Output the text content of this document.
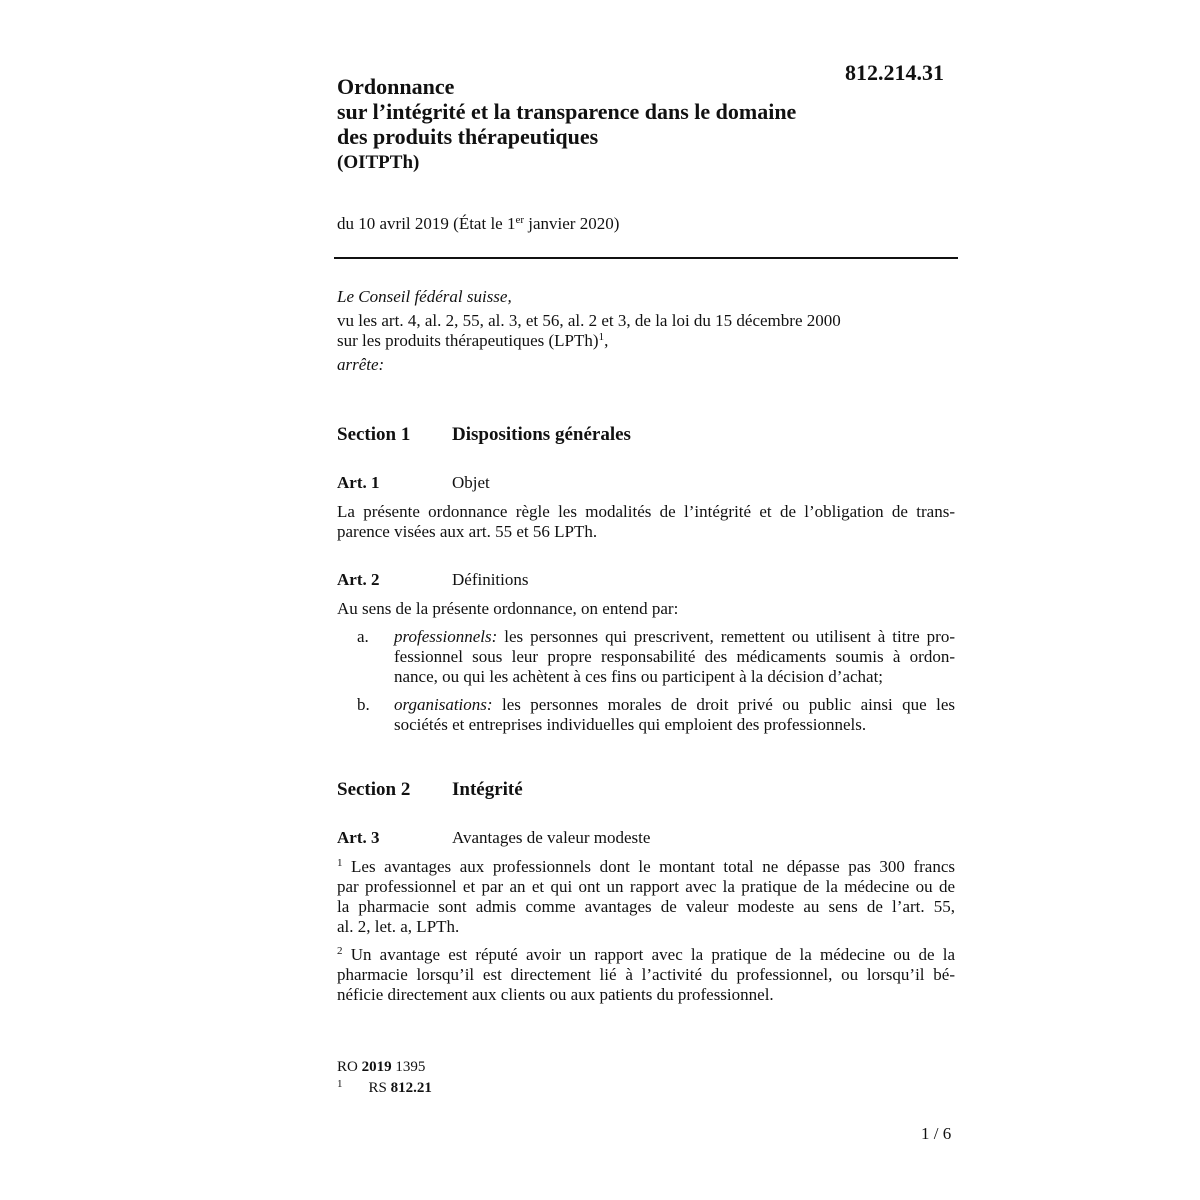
812.214.31
Ordonnance
sur l’intégrité et la transparence dans le domaine
des produits thérapeutiques
(OITPTh)
du 10 avril 2019 (État le 1er janvier 2020)

Le Conseil fédéral suisse,

vu les art. 4, al. 2, 55, al. 3, et 56, al. 2 et 3, de la loi du 15 décembre 2000

sur les produits thérapeutiques (LPTh)$^1$,

arrête:

Section 1 Dispositions générales
Art. 1	Objet
La présente ordonnance règle les modalités de l’intégrité et de l’obligation de trans-
parence visées aux art. 55 et 56 LPTh.
Art. 2	Définitions
Au sens de la présente ordonnance, on entend par:
a. professionnels: les personnes qui prescrivent, remettent ou utilisent à titre pro-
fessionnel sous leur propre responsabilité des médicaments soumis à ordon-
nance, ou qui les achètent à ces fins ou participent à la décision d’achat;
b. organisations: les personnes morales de droit privé ou public ainsi que les
sociétés et entreprises individuelles qui emploient des professionnels.
Section 2 Intégrité
Art. 3	Avantages de valeur modeste
$^1$ Les avantages aux professionnels dont le montant total ne dépasse pas 300 francs
par professionnel et par an et qui ont un rapport avec la pratique de la médecine ou de
la pharmacie sont admis comme avantages de valeur modeste au sens de l’art. 55,
al. 2, let. a, LPTh.
$^2$ Un avantage est réputé avoir un rapport avec la pratique de la médecine ou de la
pharmacie lorsqu’il est directement lié à l’activité du professionnel, ou lorsqu’il bé-
néficie directement aux clients ou aux patients du professionnel.
RO 2019 1395
$^1$ RS 812.21
1 / 6
